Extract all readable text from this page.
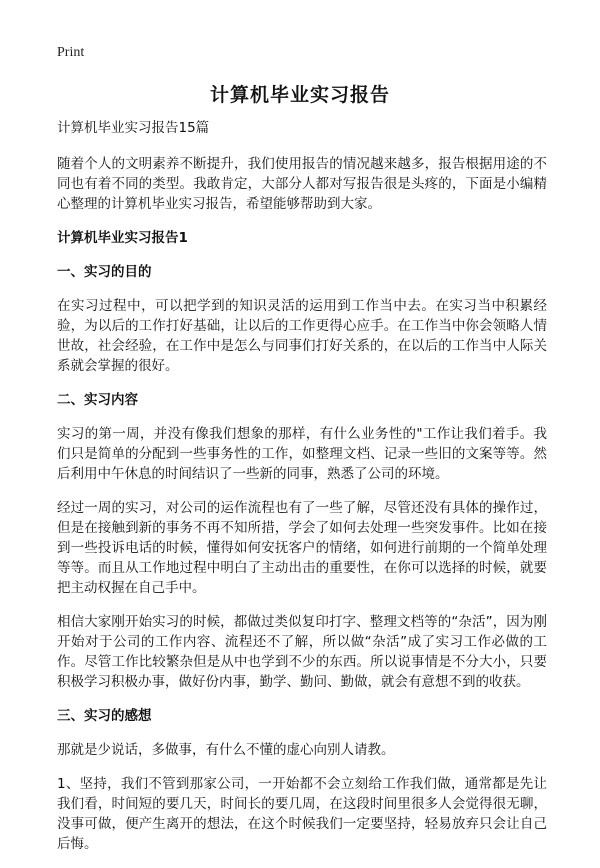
Print
计算机毕业实习报告
计算机毕业实习报告15篇

随着个人的文明素养不断提升，我们使用报告的情况越来越多，报告根据用途的不同也有着不同的类型。我敢肯定，大部分人都对写报告很是头疼的，下面是小编精心整理的计算机毕业实习报告，希望能够帮助到大家。

计算机毕业实习报告1
一、实习的目的

在实习过程中，可以把学到的知识灵活的运用到工作当中去。在实习当中积累经验，为以后的工作打好基础，让以后的工作更得心应手。在工作当中你会领略人情世故，社会经验，在工作中是怎么与同事们打好关系的，在以后的工作当中人际关系就会掌握的很好。

二、实习内容

实习的第一周，并没有像我们想象的那样，有什么业务性的"工作让我们着手。我们只是简单的分配到一些事务性的工作，如整理文档、记录一些旧的文案等等。然后利用中午休息的时间结识了一些新的同事，熟悉了公司的环境。

经过一周的实习，对公司的运作流程也有了一些了解，尽管还没有具体的操作过，但是在接触到新的事务不再不知所措，学会了如何去处理一些突发事件。比如在接到一些投诉电话的时候，懂得如何安抚客户的情绪，如何进行前期的一个简单处理等等。而且从工作地过程中明白了主动出击的重要性，在你可以选择的时候，就要把主动权握在自己手中。

相信大家刚开始实习的时候，都做过类似复印打字、整理文档等的“杂活”，因为刚开始对于公司的工作内容、流程还不了解，所以做“杂活”成了实习工作必做的工作。尽管工作比较繁杂但是从中也学到不少的东西。所以说事情是不分大小，只要积极学习积极办事，做好份内事，勤学、勤问、勤做，就会有意想不到的收获。

三、实习的感想

那就是少说话，多做事，有什么不懂的虚心向别人请教。

1、坚持，我们不管到那家公司，一开始都不会立刻给工作我们做，通常都是先让我们看，时间短的要几天，时间长的要几周，在这段时间里很多人会觉得很无聊，没事可做，便产生离开的想法，在这个时候我们一定要坚持，轻易放弃只会让自己后悔。
